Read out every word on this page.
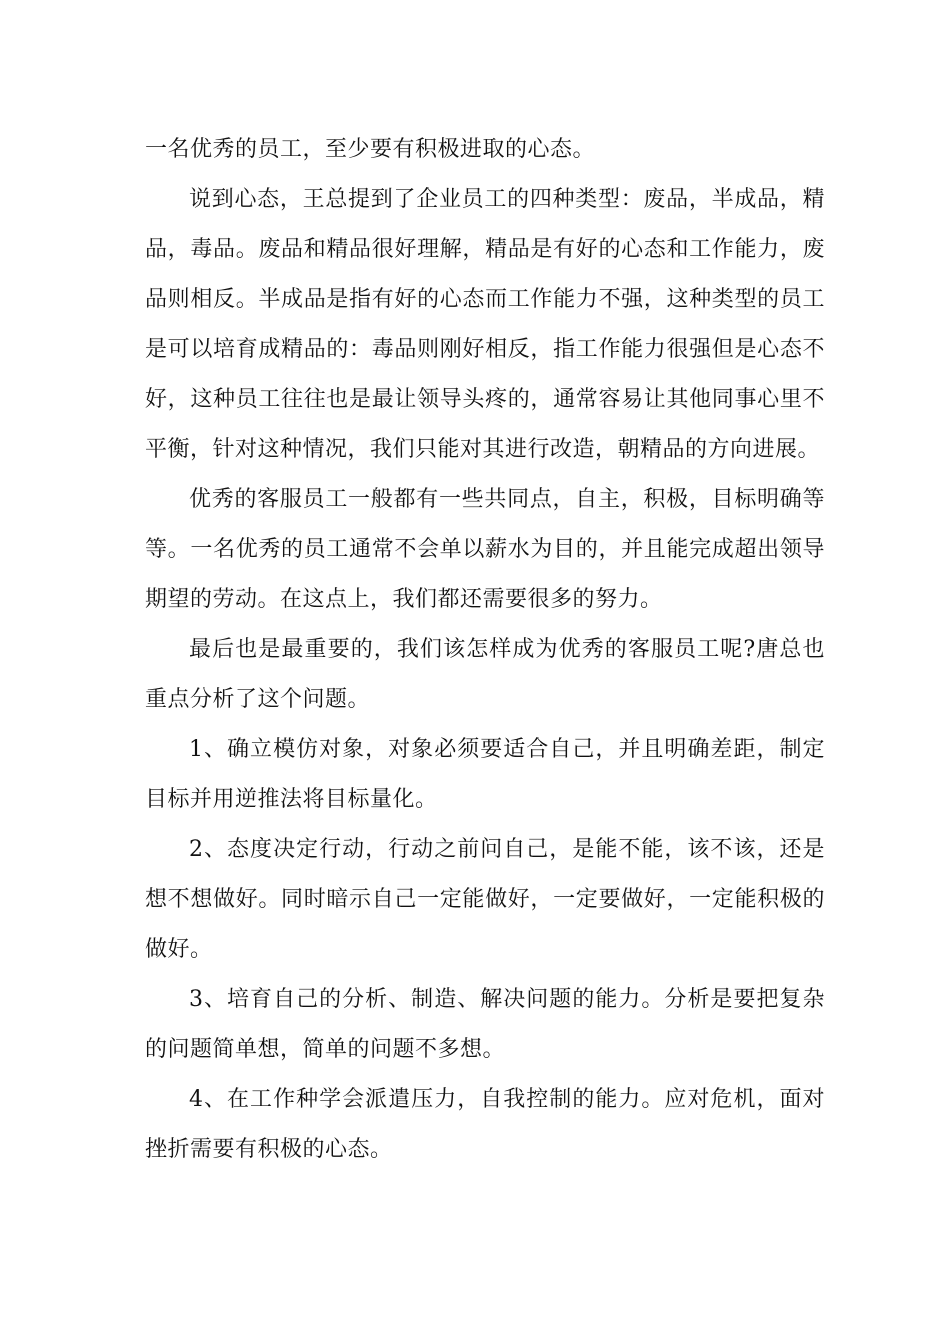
一名优秀的员工，至少要有积极进取的心态。

说到心态，王总提到了企业员工的四种类型：废品，半成品，精品，毒品。废品和精品很好理解，精品是有好的心态和工作能力，废品则相反。半成品是指有好的心态而工作能力不强，这种类型的员工是可以培育成精品的：毒品则刚好相反，指工作能力很强但是心态不好，这种员工往往也是最让领导头疼的，通常容易让其他同事心里不平衡，针对这种情况，我们只能对其进行改造，朝精品的方向进展。

优秀的客服员工一般都有一些共同点，自主，积极，目标明确等等。一名优秀的员工通常不会单以薪水为目的，并且能完成超出领导期望的劳动。在这点上，我们都还需要很多的努力。

最后也是最重要的，我们该怎样成为优秀的客服员工呢?唐总也重点分析了这个问题。

1、确立模仿对象，对象必须要适合自己，并且明确差距，制定目标并用逆推法将目标量化。

2、态度决定行动，行动之前问自己，是能不能，该不该，还是想不想做好。同时暗示自己一定能做好，一定要做好，一定能积极的做好。

3、培育自己的分析、制造、解决问题的能力。分析是要把复杂的问题简单想，简单的问题不多想。

4、在工作种学会派遣压力，自我控制的能力。应对危机，面对挫折需要有积极的心态。
